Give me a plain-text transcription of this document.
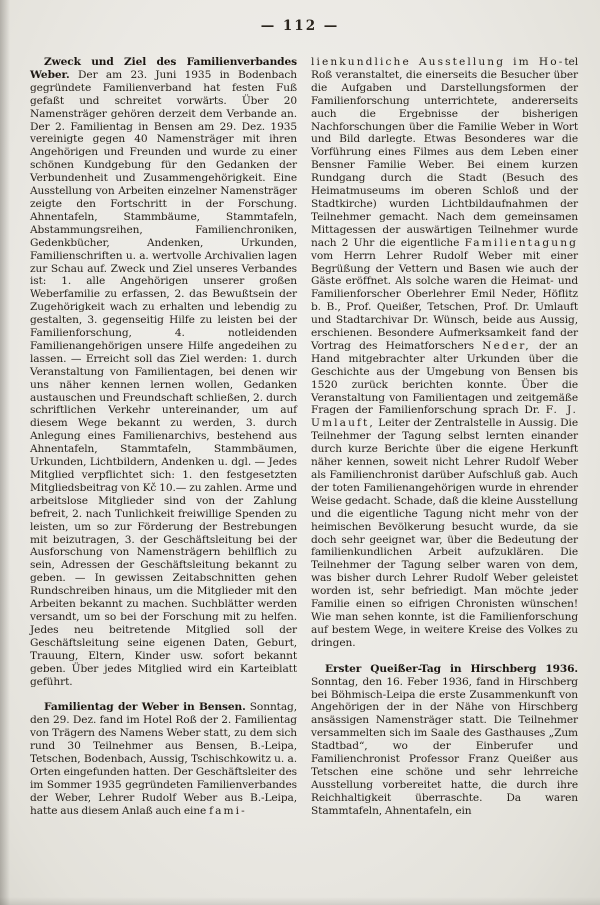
— 112 —

Zweck und Ziel des Familienverbandes Weber. Der am 23. Juni 1935 in Bodenbach gegründete Familienverband hat festen Fuß gefaßt und schreitet vorwärts. Über 20 Namensträger gehören derzeit dem Verbande an. Der 2. Familientag in Bensen am 29. Dez. 1935 vereinigte gegen 40 Namensträger mit ihren Angehörigen und Freunden und wurde zu einer schönen Kundgebung für den Gedanken der Verbundenheit und Zusammengehörigkeit. Eine Ausstellung von Arbeiten einzelner Namensträger zeigte den Fortschritt in der Forschung. Ahnentafeln, Stammbäume, Stammtafeln, Abstammungsreihen, Familienchroniken, Gedenkbücher, Andenken, Urkunden, Familienschriften u. a. wertvolle Archivalien lagen zur Schau auf. Zweck und Ziel unseres Verbandes ist: 1. alle Angehörigen unserer großen Weberfamilie zu erfassen, 2. das Bewußtsein der Zugehörigkeit wach zu erhalten und lebendig zu gestalten, 3. gegenseitig Hilfe zu leisten bei der Familienforschung, 4. notleidenden Familienangehörigen unsere Hilfe angedeihen zu lassen. — Erreicht soll das Ziel werden: 1. durch Veranstaltung von Familientagen, bei denen wir uns näher kennen lernen wollen, Gedanken austauschen und Freundschaft schließen, 2. durch schriftlichen Verkehr untereinander, um auf diesem Wege bekannt zu werden, 3. durch Anlegung eines Familienarchivs, bestehend aus Ahnentafeln, Stammtafeln, Stammbäumen, Urkunden, Lichtbildern, Andenken u. dgl. — Jedes Mitglied verpflichtet sich: 1. den festgesetzten Mitgliedsbeitrag von Kč 10.— zu zahlen. Arme und arbeitslose Mitglieder sind von der Zahlung befreit, 2. nach Tunlichkeit freiwillige Spenden zu leisten, um so zur Förderung der Bestrebungen mit beizutragen, 3. der Geschäftsleitung bei der Ausforschung von Namensträgern behilflich zu sein, Adressen der Geschäftsleitung bekannt zu geben. — In gewissen Zeitabschnitten gehen Rundschreiben hinaus, um die Mitglieder mit den Arbeiten bekannt zu machen. Suchblätter werden versandt, um so bei der Forschung mit zu helfen. Jedes neu beitretende Mitglied soll der Geschäftsleitung seine eigenen Daten, Geburt, Trauung, Eltern, Kinder usw. sofort bekannt geben. Über jedes Mitglied wird ein Karteiblatt geführt.

Familientag der Weber in Bensen. Sonntag, den 29. Dez. fand im Hotel Roß der 2. Familientag von Trägern des Namens Weber statt, zu dem sich rund 30 Teilnehmer aus Bensen, B.-Leipa, Tetschen, Bodenbach, Aussig, Tschischkowitz u. a. Orten eingefunden hatten. Der Geschäftsleiter des im Sommer 1935 gegründeten Familienverbandes der Weber, Lehrer Rudolf Weber aus B.-Leipa, hatte aus diesem Anlaß auch eine fami-

lienkundliche Ausstellung im Ho-tel Roß veranstaltet, die einerseits die Besucher über die Aufgaben und Darstellungsformen der Familienforschung unterrichtete, andererseits auch die Ergebnisse der bisherigen Nachforschungen über die Familie Weber in Wort und Bild darlegte. Etwas Besonderes war die Vorführung eines Filmes aus dem Leben einer Bensner Familie Weber. Bei einem kurzen Rundgang durch die Stadt (Besuch des Heimatmuseums im oberen Schloß und der Stadtkirche) wurden Lichtbildaufnahmen der Teilnehmer gemacht. Nach dem gemeinsamen Mittagessen der auswärtigen Teilnehmer wurde nach 2 Uhr die eigentliche Familientagung vom Herrn Lehrer Rudolf Weber mit einer Begrüßung der Vettern und Basen wie auch der Gäste eröffnet. Als solche waren die Heimat- und Familienforscher Oberlehrer Emil Neder, Höflitz b. B., Prof. Queißer, Tetschen, Prof. Dr. Umlauft und Stadtarchivar Dr. Wünsch, beide aus Aussig, erschienen. Besondere Aufmerksamkeit fand der Vortrag des Heimatforschers Neder, der an Hand mitgebrachter alter Urkunden über die Geschichte aus der Umgebung von Bensen bis 1520 zurück berichten konnte. Über die Veranstaltung von Familientagen und zeitgemäße Fragen der Familienforschung sprach Dr. F. J. Umlauft, Leiter der Zentralstelle in Aussig. Die Teilnehmer der Tagung selbst lernten einander durch kurze Berichte über die eigene Herkunft näher kennen, soweit nicht Lehrer Rudolf Weber als Familienchronist darüber Aufschluß gab. Auch der toten Familienangehörigen wurde in ehrender Weise gedacht. Schade, daß die kleine Ausstellung und die eigentliche Tagung nicht mehr von der heimischen Bevölkerung besucht wurde, da sie doch sehr geeignet war, über die Bedeutung der familienkundlichen Arbeit aufzuklären. Die Teilnehmer der Tagung selber waren von dem, was bisher durch Lehrer Rudolf Weber geleistet worden ist, sehr befriedigt. Man möchte jeder Familie einen so eifrigen Chronisten wünschen! Wie man sehen konnte, ist die Familienforschung auf bestem Wege, in weitere Kreise des Volkes zu dringen.

Erster Queißer-Tag in Hirschberg 1936. Sonntag, den 16. Feber 1936, fand in Hirschberg bei Böhmisch-Leipa die erste Zusammenkunft von Angehörigen der in der Nähe von Hirschberg ansässigen Namensträger statt. Die Teilnehmer versammelten sich im Saale des Gasthauses „Zum Stadtbad“, wo der Einberufer und Familienchronist Professor Franz Queißer aus Tetschen eine schöne und sehr lehrreiche Ausstellung vorbereitet hatte, die durch ihre Reichhaltigkeit überraschte. Da waren Stammtafeln, Ahnentafeln, ein
